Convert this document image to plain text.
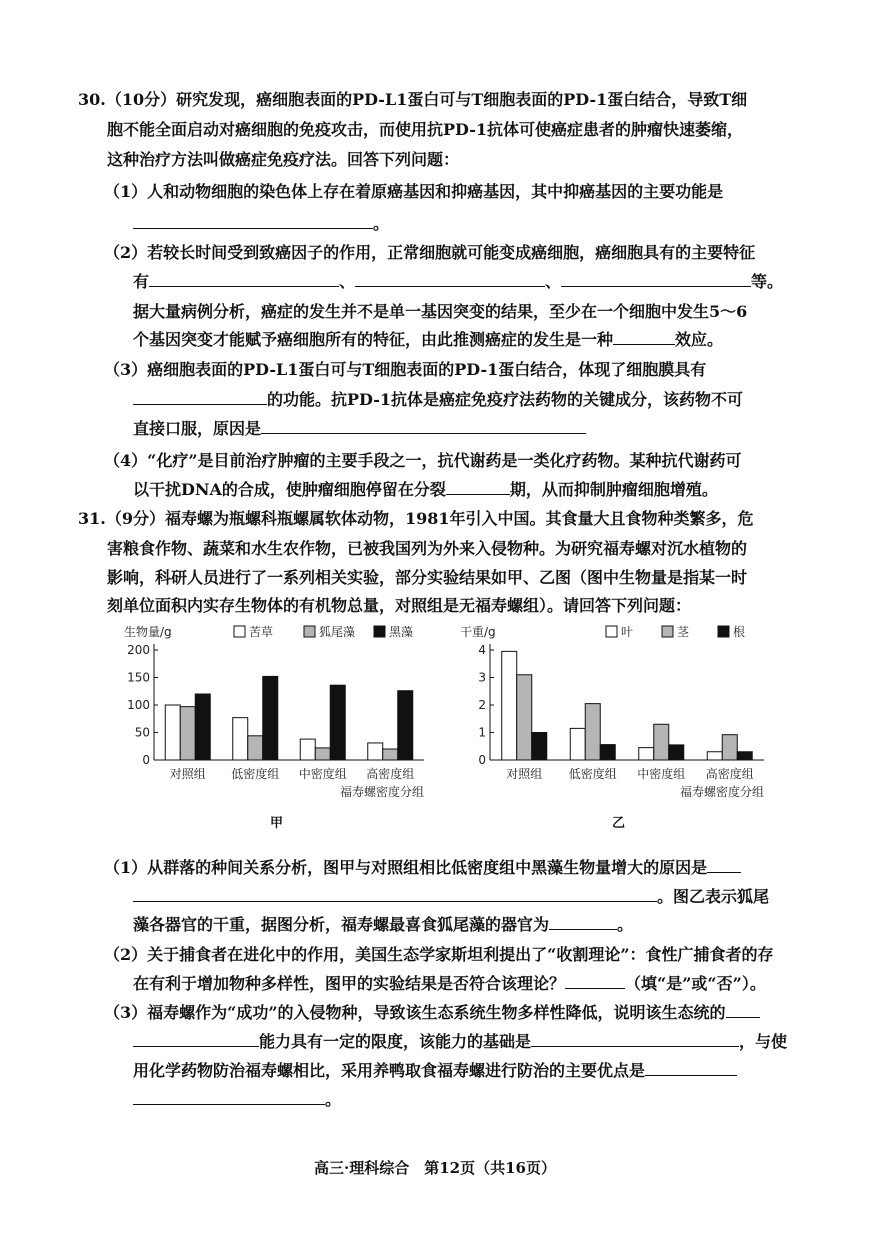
30.（10分）研究发现，癌细胞表面的PD-L1蛋白可与T细胞表面的PD-1蛋白结合，导致T细
胞不能全面启动对癌细胞的免疫攻击，而使用抗PD-1抗体可使癌症患者的肿瘤快速萎缩，
这种治疗方法叫做癌症免疫疗法。回答下列问题：
（1）人和动物细胞的染色体上存在着原癌基因和抑癌基因，其中抑癌基因的主要功能是
。
（2）若较长时间受到致癌因子的作用，正常细胞就可能变成癌细胞，癌细胞具有的主要特征
有	、	、	等。
据大量病例分析，癌症的发生并不是单一基因突变的结果，至少在一个细胞中发生5～6
个基因突变才能赋予癌细胞所有的特征，由此推测癌症的发生是一种	效应。
（3）癌细胞表面的PD-L1蛋白可与T细胞表面的PD-1蛋白结合，体现了细胞膜具有
的功能。抗PD-1抗体是癌症免疫疗法药物的关键成分，该药物不可
直接口服，原因是
（4）“化疗”是目前治疗肿瘤的主要手段之一，抗代谢药是一类化疗药物。某种抗代谢药可
以干扰DNA的合成，使肿瘤细胞停留在分裂	期，从而抑制肿瘤细胞增殖。
31.（9分）福寿螺为瓶螺科瓶螺属软体动物，1981年引入中国。其食量大且食物种类繁多，危
害粮食作物、蔬菜和水生农作物，已被我国列为外来入侵物种。为研究福寿螺对沉水植物的
影响，科研人员进行了一系列相关实验，部分实验结果如甲、乙图（图中生物量是指某一时
刻单位面积内实存生物体的有机物总量，对照组是无福寿螺组）。请回答下列问题：
生物量/g	苦草	狐尾藻	黑藻
0
50
100
150
200
对照组 低密度组 中密度组 高密度组
福寿螺密度分组
甲
干重/g	叶	茎	根
0
1
2
3
4
对照组 低密度组 中密度组 高密度组
福寿螺密度分组
乙
（1）从群落的种间关系分析，图甲与对照组相比低密度组中黑藻生物量增大的原因是
。图乙表示狐尾
藻各器官的干重，据图分析，福寿螺最喜食狐尾藻的器官为	。
（2）关于捕食者在进化中的作用，美国生态学家斯坦利提出了“收割理论”：食性广捕食者的存
在有利于增加物种多样性，图甲的实验结果是否符合该理论？	（填“是”或“否”）。
（3）福寿螺作为“成功”的入侵物种，导致该生态系统生物多样性降低，说明该生态统的
能力具有一定的限度，该能力的基础是	，与使
用化学药物防治福寿螺相比，采用养鸭取食福寿螺进行防治的主要优点是
。
高三·理科综合　第12页（共16页）
